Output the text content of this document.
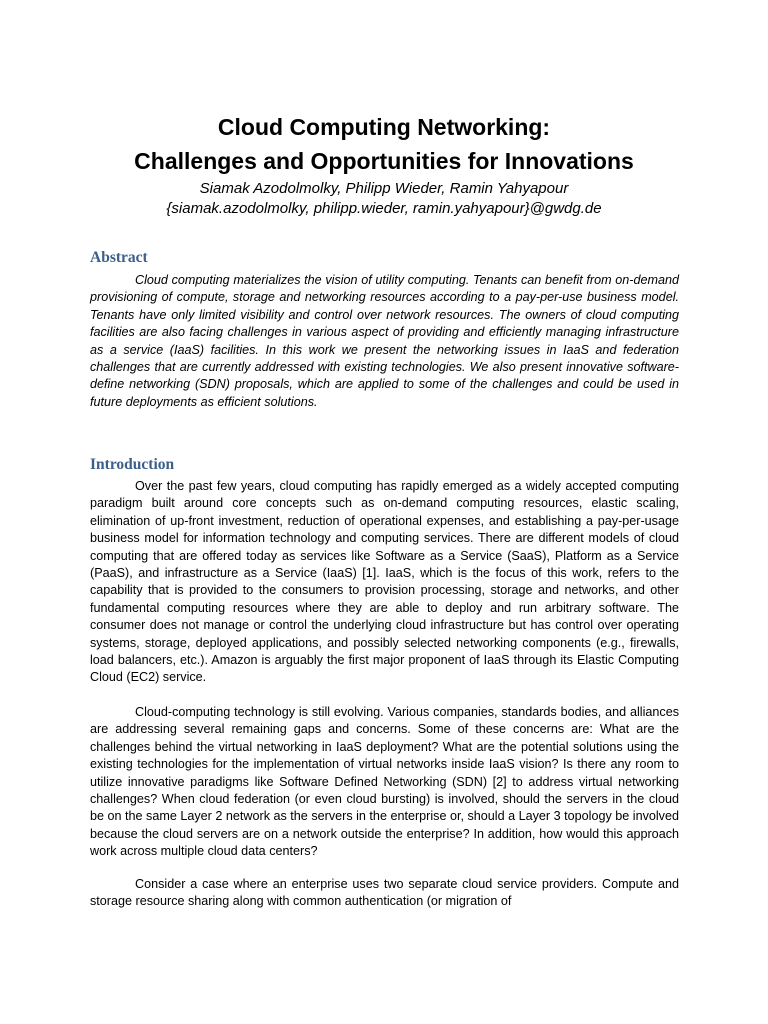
Cloud Computing Networking:
Challenges and Opportunities for Innovations

Siamak Azodolmolky, Philipp Wieder, Ramin Yahyapour

{siamak.azodolmolky, philipp.wieder, ramin.yahyapour}@gwdg.de

Abstract

Cloud computing materializes the vision of utility computing. Tenants can benefit from on-demand provisioning of compute, storage and networking resources according to a pay-per-use business model. Tenants have only limited visibility and control over network resources. The owners of cloud computing facilities are also facing challenges in various aspect of providing and efficiently managing infrastructure as a service (IaaS) facilities. In this work we present the networking issues in IaaS and federation challenges that are currently addressed with existing technologies. We also present innovative software-define networking (SDN) proposals, which are applied to some of the challenges and could be used in future deployments as efficient solutions.

Introduction

Over the past few years, cloud computing has rapidly emerged as a widely accepted computing paradigm built around core concepts such as on-demand computing resources, elastic scaling, elimination of up-front investment, reduction of operational expenses, and establishing a pay-per-usage business model for information technology and computing services. There are different models of cloud computing that are offered today as services like Software as a Service (SaaS), Platform as a Service (PaaS), and infrastructure as a Service (IaaS) [1]. IaaS, which is the focus of this work, refers to the capability that is provided to the consumers to provision processing, storage and networks, and other fundamental computing resources where they are able to deploy and run arbitrary software. The consumer does not manage or control the underlying cloud infrastructure but has control over operating systems, storage, deployed applications, and possibly selected networking components (e.g., firewalls, load balancers, etc.). Amazon is arguably the first major proponent of IaaS through its Elastic Computing Cloud (EC2) service.

Cloud-computing technology is still evolving. Various companies, standards bodies, and alliances are addressing several remaining gaps and concerns. Some of these concerns are: What are the challenges behind the virtual networking in IaaS deployment? What are the potential solutions using the existing technologies for the implementation of virtual networks inside IaaS vision? Is there any room to utilize innovative paradigms like Software Defined Networking (SDN) [2] to address virtual networking challenges? When cloud federation (or even cloud bursting) is involved, should the servers in the cloud be on the same Layer 2 network as the servers in the enterprise or, should a Layer 3 topology be involved because the cloud servers are on a network outside the enterprise? In addition, how would this approach work across multiple cloud data centers?

Consider a case where an enterprise uses two separate cloud service providers. Compute and storage resource sharing along with common authentication (or migration of
